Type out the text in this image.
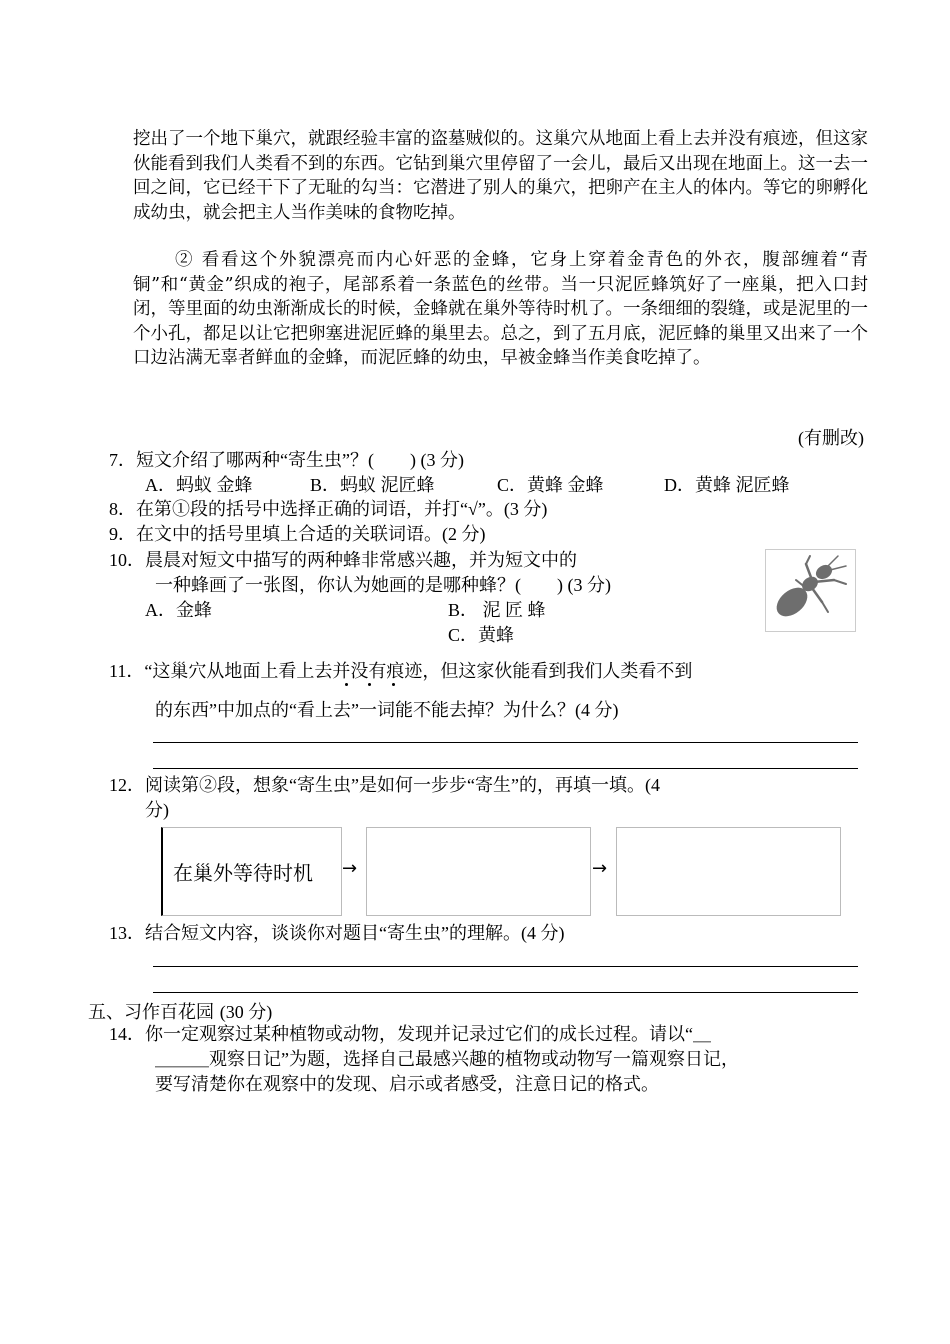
挖出了一个地下巢穴，就跟经验丰富的盗墓贼似的。这巢穴从地面上看上去并没有痕迹，但这家伙能看到我们人类看不到的东西。它钻到巢穴里停留了一会儿，最后又出现在地面上。这一去一回之间，它已经干下了无耻的勾当：它潜进了别人的巢穴，把卵产在主人的体内。等它的卵孵化成幼虫，就会把主人当作美味的食物吃掉。
② 看看这个外貌漂亮而内心奸恶的金蜂，它身上穿着金青色的外衣，腹部缠着“青铜”和“黄金”织成的袍子，尾部系着一条蓝色的丝带。当一只泥匠蜂筑好了一座巢，把入口封闭，等里面的幼虫渐渐成长的时候，金蜂就在巢外等待时机了。一条细细的裂缝，或是泥里的一个小孔，都足以让它把卵塞进泥匠蜂的巢里去。总之，到了五月底，泥匠蜂的巢里又出来了一个口边沾满无辜者鲜血的金蜂，而泥匠蜂的幼虫，早被金蜂当作美食吃掉了。
(有删改)
7．短文介绍了哪两种“寄生虫”？(　　) (3 分)
A．蚂蚁 金蜂	B．蚂蚁 泥匠蜂	C．黄蜂 金蜂	D．黄蜂 泥匠蜂
8．在第①段的括号中选择正确的词语，并打“√”。(3 分)
9．在文中的括号里填上合适的关联词语。(2 分)
10．晨晨对短文中描写的两种蜂非常感兴趣，并为短文中的
一种蜂画了一张图，你认为她画的是哪种蜂？(　　) (3 分)
A．金蜂	B． 泥 匠 蜂
C．黄蜂
11．“这巢穴从地面上看上去并没有痕迹，但这家伙能看到我们人类看不到
的东西”中加点的“看上去”一词能不能去掉？为什么？(4 分)
12．阅读第②段，想象“寄生虫”是如何一步步“寄生”的，再填一填。(4
分)
在巢外等待时机 →	→
13．结合短文内容，谈谈你对题目“寄生虫”的理解。(4 分)
五、习作百花园 (30 分)
14．你一定观察过某种植物或动物，发现并记录过它们的成长过程。请以“＿
＿＿＿观察日记”为题，选择自己最感兴趣的植物或动物写一篇观察日记，
要写清楚你在观察中的发现、启示或者感受，注意日记的格式。
